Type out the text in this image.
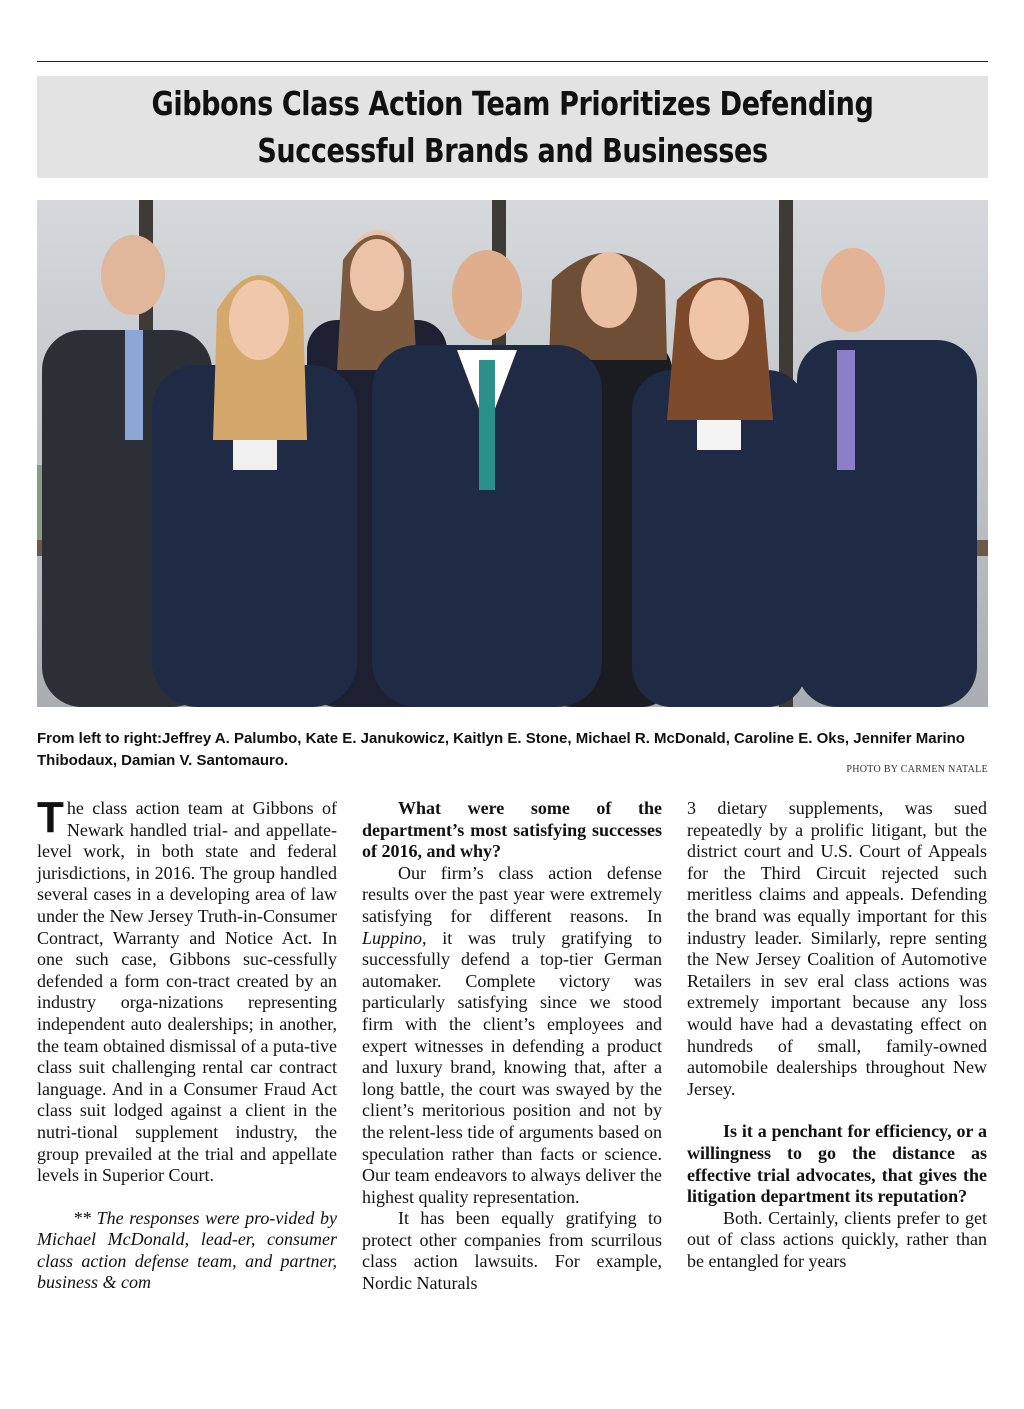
Gibbons Class Action Team Prioritizes Defending
Successful Brands and Businesses

From left to right:Jeffrey A. Palumbo, Kate E. Janukowicz, Kaitlyn E. Stone, Michael R. McDonald, Caroline E. Oks, Jennifer Marino Thibodaux, Damian V. Santomauro.

PHOTO BY CARMEN NATALE

The class action team at Gibbons of Newark handled trial- and appellate-level work, in both state and federal jurisdictions, in 2016. The group handled several cases in a developing area of law under the New Jersey Truth-in-Consumer Contract, Warranty and Notice Act. In one such case, Gibbons suc-cessfully defended a form con-tract created by an industry orga-nizations representing independent auto dealerships; in another, the team obtained dismissal of a puta-tive class suit challenging rental car contract language. And in a Consumer Fraud Act class suit lodged against a client in the nutri-tional supplement industry, the group prevailed at the trial and appellate levels in Superior Court.

** The responses were pro-vided by Michael McDonald, lead-er, consumer class action defense team, and partner, business & com

What were some of the department’s most satisfying successes of 2016, and why?

Our firm’s class action defense results over the past year were extremely satisfying for different reasons. In Luppino, it was truly gratifying to successfully defend a top-tier German automaker. Complete victory was particularly satisfying since we stood firm with the client’s employees and expert witnesses in defending a product and luxury brand, knowing that, after a long battle, the court was swayed by the client’s meritorious position and not by the relent-less tide of arguments based on speculation rather than facts or science. Our team endeavors to always deliver the highest quality representation.

It has been equally gratifying to protect other companies from scurrilous class action lawsuits. For example, Nordic Naturals

3 dietary supplements, was sued repeatedly by a prolific litigant, but the district court and U.S. Court of Appeals for the Third Circuit rejected such meritless claims and appeals. Defending the brand was equally important for this industry leader. Similarly, repre senting the New Jersey Coalition of Automotive Retailers in sev eral class actions was extremely important because any loss would have had a devastating effect on hundreds of small, family-owned automobile dealerships throughout New Jersey.

Is it a penchant for efficiency, or a willingness to go the distance as effective trial advocates, that gives the litigation department its reputation?

Both. Certainly, clients prefer to get out of class actions quickly, rather than be entangled for years
